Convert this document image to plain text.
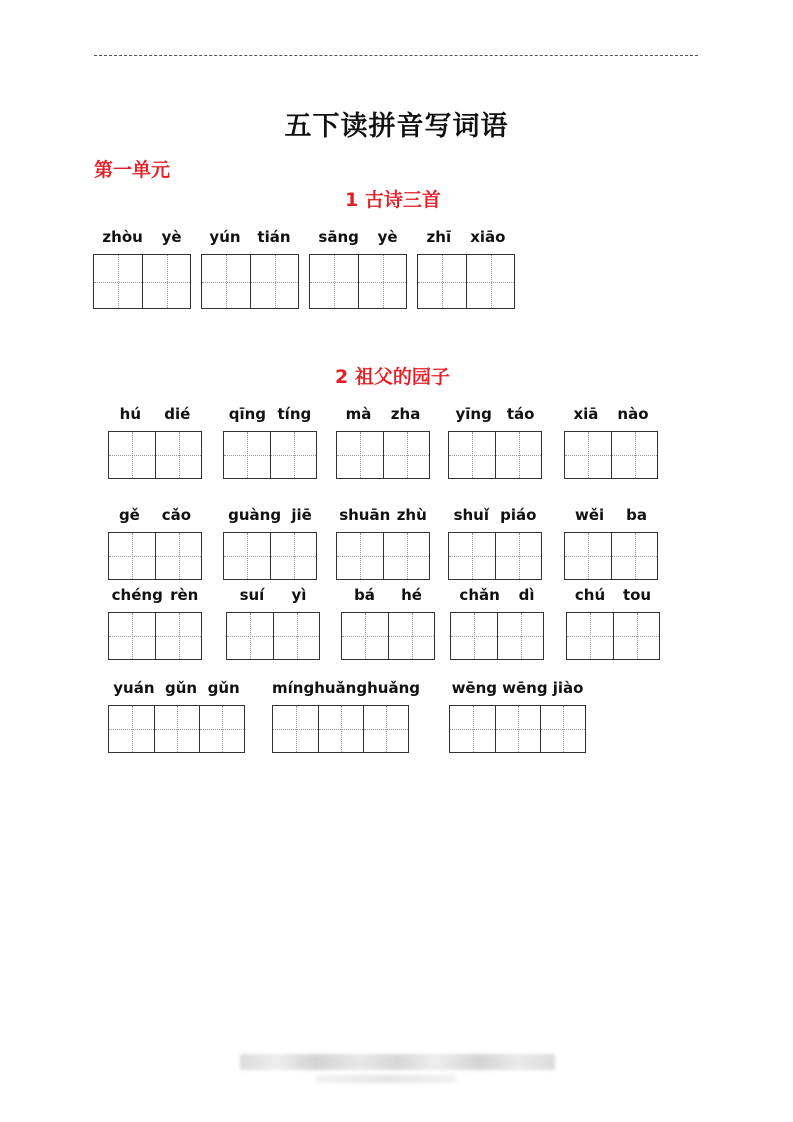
五下读拼音写词语
第一单元
1 古诗三首
2 祖父的园子
zhòu yè yún tián sāng yè zhī xiāo
hú dié	qīng tíng mà zha yīng táo	xiā nào
gě cǎo guàng jiē shuān zhù shuǐ piáo	wěi ba
chéng rèn	suí yì	bá hé	chǎn dì	chú tou
yuán gǔn gǔn míng huǎng huǎng wēng wēng jiào
